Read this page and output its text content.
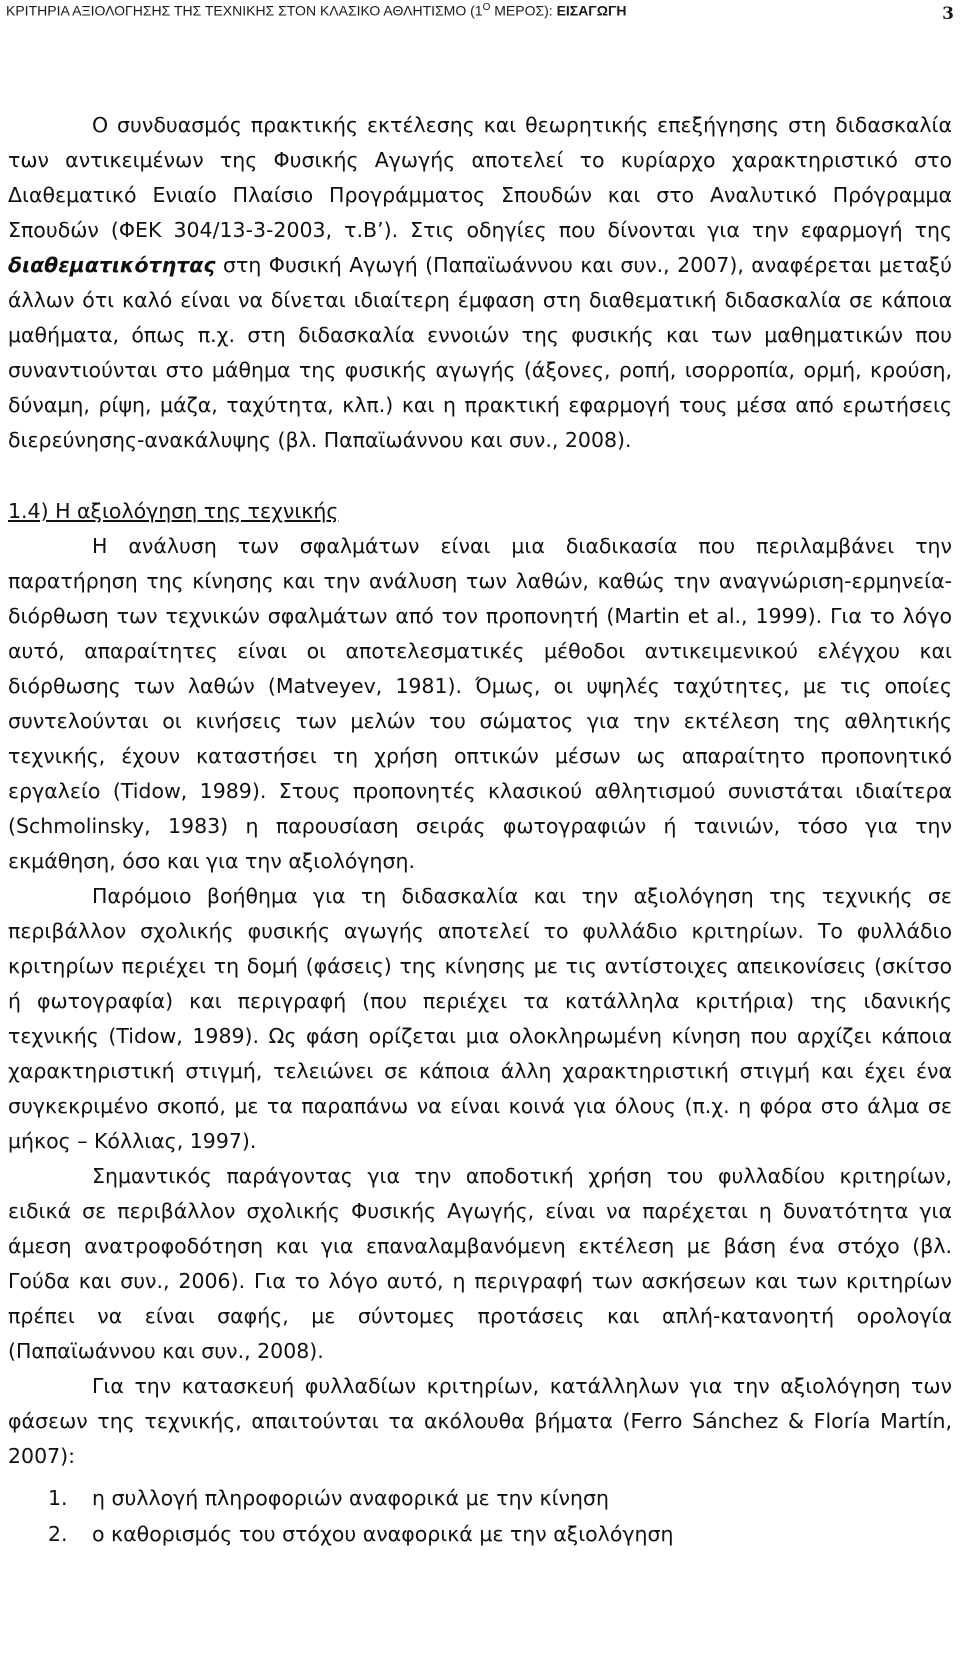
ΚΡΙΤΗΡΙΑ ΑΞΙΟΛΟΓΗΣΗΣ ΤΗΣ ΤΕΧΝΙΚΗΣ ΣΤΟΝ ΚΛΑΣΙΚΟ ΑΘΛΗΤΙΣΜΟ ($1^O$ ΜΕΡΟΣ): ΕΙΣΑΓΩΓΗ	3

Ο συνδυασμός πρακτικής εκτέλεσης και θεωρητικής επεξήγησης στη διδασκαλία των αντικειμένων της Φυσικής Αγωγής αποτελεί το κυρίαρχο χαρακτηριστικό στο Διαθεματικό Ενιαίο Πλαίσιο Προγράμματος Σπουδών και στο Αναλυτικό Πρόγραμμα Σπουδών (ΦΕΚ 304/13-3-2003, τ.Β’). Στις οδηγίες που δίνονται για την εφαρμογή της διαθεματικότητας στη Φυσική Αγωγή (Παπαϊωάννου και συν., 2007), αναφέρεται μεταξύ άλλων ότι καλό είναι να δίνεται ιδιαίτερη έμφαση στη διαθεματική διδασκαλία σε κάποια μαθήματα, όπως π.χ. στη διδασκαλία εννοιών της φυσικής και των μαθηματικών που συναντιούνται στο μάθημα της φυσικής αγωγής (άξονες, ροπή, ισορροπία, ορμή, κρούση, δύναμη, ρίψη, μάζα, ταχύτητα, κλπ.) και η πρακτική εφαρμογή τους μέσα από ερωτήσεις διερεύνησης-ανακάλυψης (βλ. Παπαϊωάννου και συν., 2008).

1.4) Η αξιολόγηση της τεχνικής

Η ανάλυση των σφαλμάτων είναι μια διαδικασία που περιλαμβάνει την παρατήρηση της κίνησης και την ανάλυση των λαθών, καθώς την αναγνώριση-ερμηνεία-διόρθωση των τεχνικών σφαλμάτων από τον προπονητή (Martin et al., 1999). Για το λόγο αυτό, απαραίτητες είναι οι αποτελεσματικές μέθοδοι αντικειμενικού ελέγχου και διόρθωσης των λαθών (Matveyev, 1981). Όμως, οι υψηλές ταχύτητες, με τις οποίες συντελούνται οι κινήσεις των μελών του σώματος για την εκτέλεση της αθλητικής τεχνικής, έχουν καταστήσει τη χρήση οπτικών μέσων ως απαραίτητο προπονητικό εργαλείο (Tidow, 1989). Στους προπονητές κλασικού αθλητισμού συνιστάται ιδιαίτερα (Schmolinsky, 1983) η παρουσίαση σειράς φωτογραφιών ή ταινιών, τόσο για την εκμάθηση, όσο και για την αξιολόγηση.

Παρόμοιο βοήθημα για τη διδασκαλία και την αξιολόγηση της τεχνικής σε περιβάλλον σχολικής φυσικής αγωγής αποτελεί το φυλλάδιο κριτηρίων. Το φυλλάδιο κριτηρίων περιέχει τη δομή (φάσεις) της κίνησης με τις αντίστοιχες απεικονίσεις (σκίτσο ή φωτογραφία) και περιγραφή (που περιέχει τα κατάλληλα κριτήρια) της ιδανικής τεχνικής (Tidow, 1989). Ως φάση ορίζεται μια ολοκληρωμένη κίνηση που αρχίζει κάποια χαρακτηριστική στιγμή, τελειώνει σε κάποια άλλη χαρακτηριστική στιγμή και έχει ένα συγκεκριμένο σκοπό, με τα παραπάνω να είναι κοινά για όλους (π.χ. η φόρα στο άλμα σε μήκος – Κόλλιας, 1997).

Σημαντικός παράγοντας για την αποδοτική χρήση του φυλλαδίου κριτηρίων, ειδικά σε περιβάλλον σχολικής Φυσικής Αγωγής, είναι να παρέχεται η δυνατότητα για άμεση ανατροφοδότηση και για επαναλαμβανόμενη εκτέλεση με βάση ένα στόχο (βλ. Γούδα και συν., 2006). Για το λόγο αυτό, η περιγραφή των ασκήσεων και των κριτηρίων πρέπει να είναι σαφής, με σύντομες προτάσεις και απλή-κατανοητή ορολογία (Παπαϊωάννου και συν., 2008).

Για την κατασκευή φυλλαδίων κριτηρίων, κατάλληλων για την αξιολόγηση των φάσεων της τεχνικής, απαιτούνται τα ακόλουθα βήματα (Ferro Sánchez & Floría Martín, 2007):

1.	η συλλογή πληροφοριών αναφορικά με την κίνηση
2.	ο καθορισμός του στόχου αναφορικά με την αξιολόγηση
